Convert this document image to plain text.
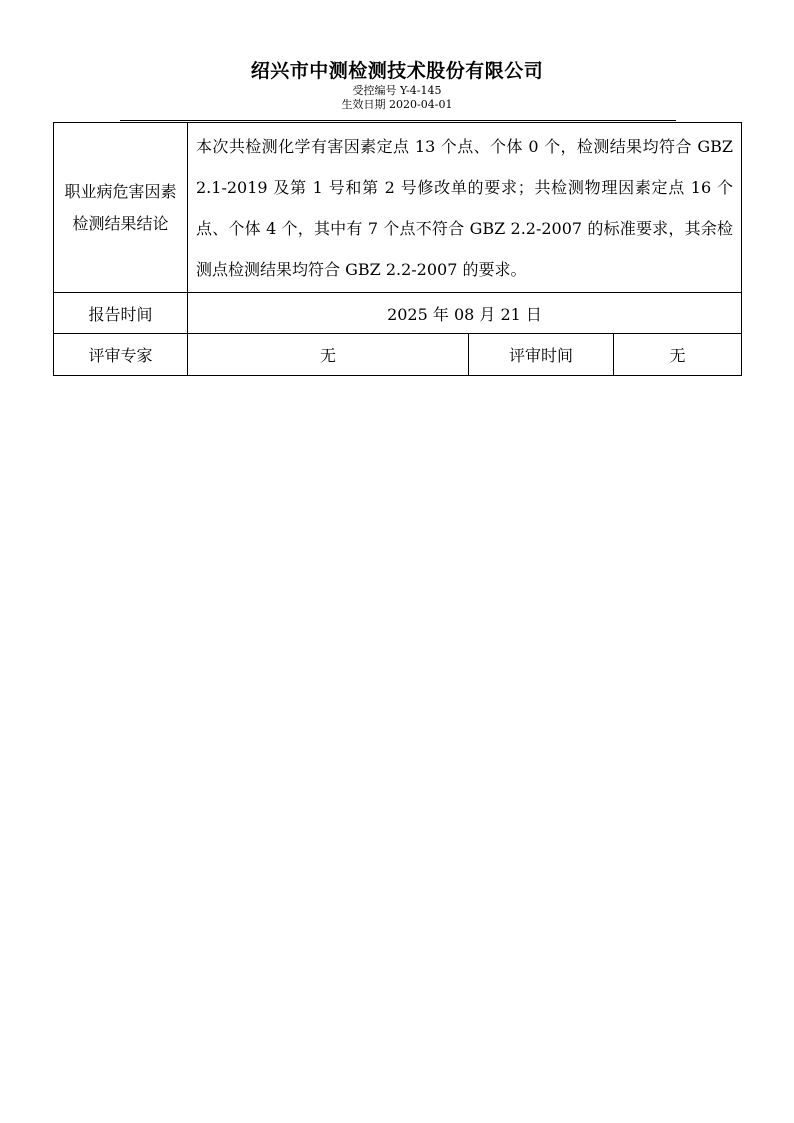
绍兴市中测检测技术股份有限公司
受控编号 Y-4-145
生效日期 2020-04-01
职业病危害因素检测结果结论	本次共检测化学有害因素定点 13 个点、个体 0 个，检测结果均符合 GBZ 2.1-2019 及第 1 号和第 2 号修改单的要求；共检测物理因素定点 16 个点、个体 4 个，其中有 7 个点不符合 GBZ 2.2-2007 的标准要求，其余检测点检测结果均符合 GBZ 2.2-2007 的要求。		
报告时间	2025 年 08 月 21 日		
评审专家	无	评审时间	无
